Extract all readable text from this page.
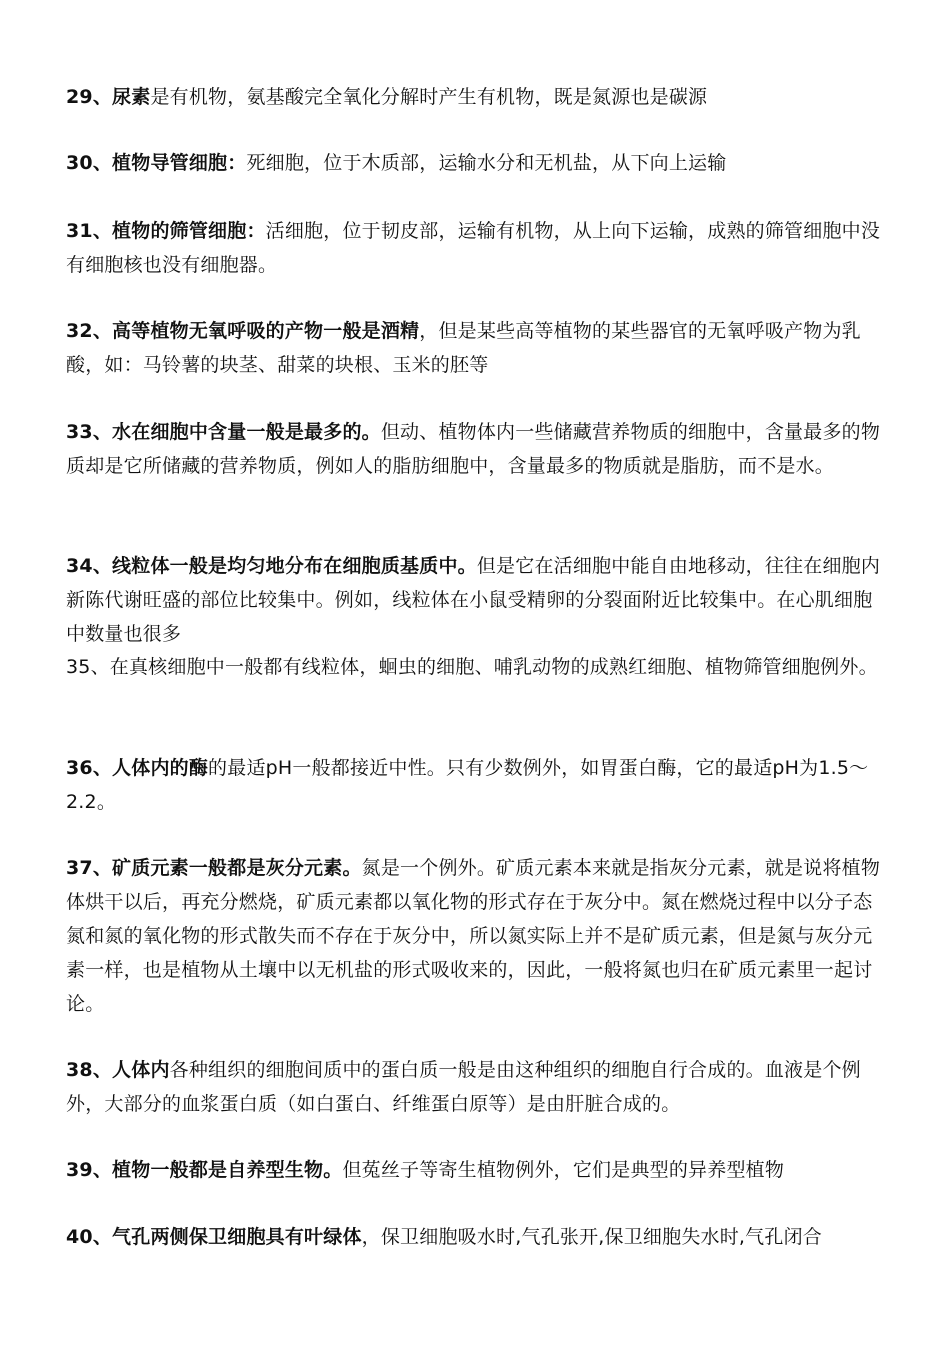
29、尿素是有机物，氨基酸完全氧化分解时产生有机物，既是氮源也是碳源

30、植物导管细胞：死细胞，位于木质部，运输水分和无机盐，从下向上运输

31、植物的筛管细胞：活细胞，位于韧皮部，运输有机物，从上向下运输，成熟的筛管细胞中没有细胞核也没有细胞器。

32、高等植物无氧呼吸的产物一般是酒精，但是某些高等植物的某些器官的无氧呼吸产物为乳酸，如：马铃薯的块茎、甜菜的块根、玉米的胚等

33、水在细胞中含量一般是最多的。但动、植物体内一些储藏营养物质的细胞中，含量最多的物质却是它所储藏的营养物质，例如人的脂肪细胞中，含量最多的物质就是脂肪，而不是水。

34、线粒体一般是均匀地分布在细胞质基质中。但是它在活细胞中能自由地移动，往往在细胞内新陈代谢旺盛的部位比较集中。例如，线粒体在小鼠受精卵的分裂面附近比较集中。在心肌细胞中数量也很多

35、在真核细胞中一般都有线粒体，蛔虫的细胞、哺乳动物的成熟红细胞、植物筛管细胞例外。

36、人体内的酶的最适pH一般都接近中性。只有少数例外，如胃蛋白酶，它的最适pH为1.5～2.2。

37、矿质元素一般都是灰分元素。氮是一个例外。矿质元素本来就是指灰分元素，就是说将植物体烘干以后，再充分燃烧，矿质元素都以氧化物的形式存在于灰分中。氮在燃烧过程中以分子态氮和氮的氧化物的形式散失而不存在于灰分中，所以氮实际上并不是矿质元素，但是氮与灰分元素一样，也是植物从土壤中以无机盐的形式吸收来的，因此，一般将氮也归在矿质元素里一起讨论。

38、人体内各种组织的细胞间质中的蛋白质一般是由这种组织的细胞自行合成的。血液是个例外，大部分的血浆蛋白质（如白蛋白、纤维蛋白原等）是由肝脏合成的。

39、植物一般都是自养型生物。但菟丝子等寄生植物例外，它们是典型的异养型植物

40、气孔两侧保卫细胞具有叶绿体，保卫细胞吸水时,气孔张开,保卫细胞失水时,气孔闭合
